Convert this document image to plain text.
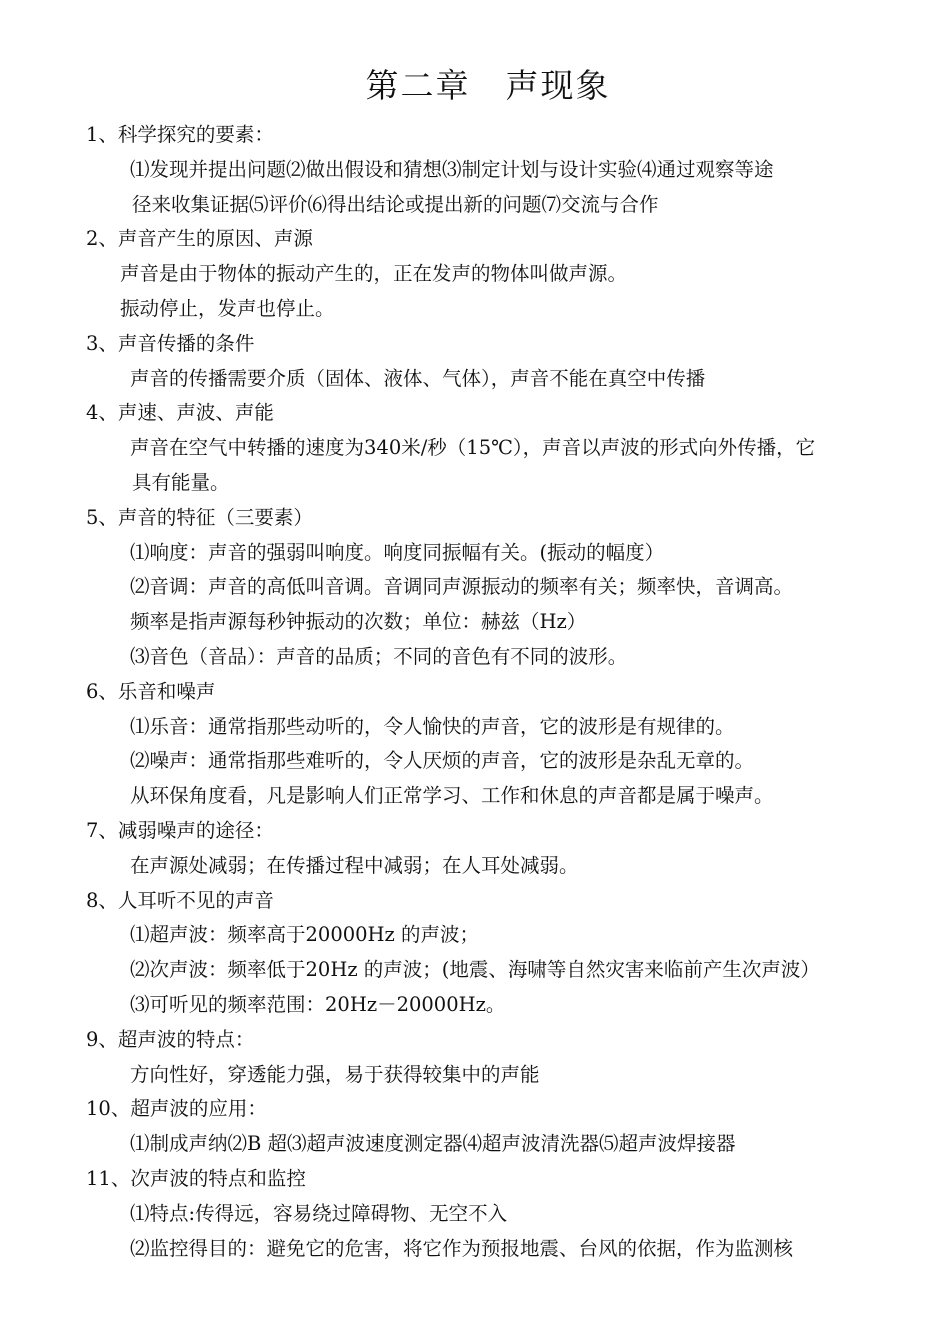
第二章　声现象
1、科学探究的要素：
⑴发现并提出问题⑵做出假设和猜想⑶制定计划与设计实验⑷通过观察等途
径来收集证据⑸评价⑹得出结论或提出新的问题⑺交流与合作
2、声音产生的原因、声源
声音是由于物体的振动产生的，正在发声的物体叫做声源。
振动停止，发声也停止。
3、声音传播的条件
声音的传播需要介质（固体、液体、气体），声音不能在真空中传播
4、声速、声波、声能
声音在空气中转播的速度为340米/秒（15℃），声音以声波的形式向外传播，它
具有能量。
5、声音的特征（三要素）
⑴响度：声音的强弱叫响度。响度同振幅有关。(振动的幅度）
⑵音调：声音的高低叫音调。音调同声源振动的频率有关；频率快，音调高。
频率是指声源每秒钟振动的次数；单位：赫兹（Hz）
⑶音色（音品）：声音的品质；不同的音色有不同的波形。
6、乐音和噪声
⑴乐音：通常指那些动听的，令人愉快的声音，它的波形是有规律的。
⑵噪声：通常指那些难听的，令人厌烦的声音，它的波形是杂乱无章的。
从环保角度看，凡是影响人们正常学习、工作和休息的声音都是属于噪声。
7、减弱噪声的途径：
在声源处减弱；在传播过程中减弱；在人耳处减弱。
8、人耳听不见的声音
⑴超声波：频率高于20000Hz 的声波；
⑵次声波：频率低于20Hz 的声波；(地震、海啸等自然灾害来临前产生次声波）
⑶可听见的频率范围：20Hz－20000Hz。
9、超声波的特点：
方向性好，穿透能力强，易于获得较集中的声能
10、超声波的应用：
⑴制成声纳⑵B 超⑶超声波速度测定器⑷超声波清洗器⑸超声波焊接器
11、次声波的特点和监控
⑴特点:传得远，容易绕过障碍物、无空不入
⑵监控得目的：避免它的危害，将它作为预报地震、台风的依据，作为监测核
